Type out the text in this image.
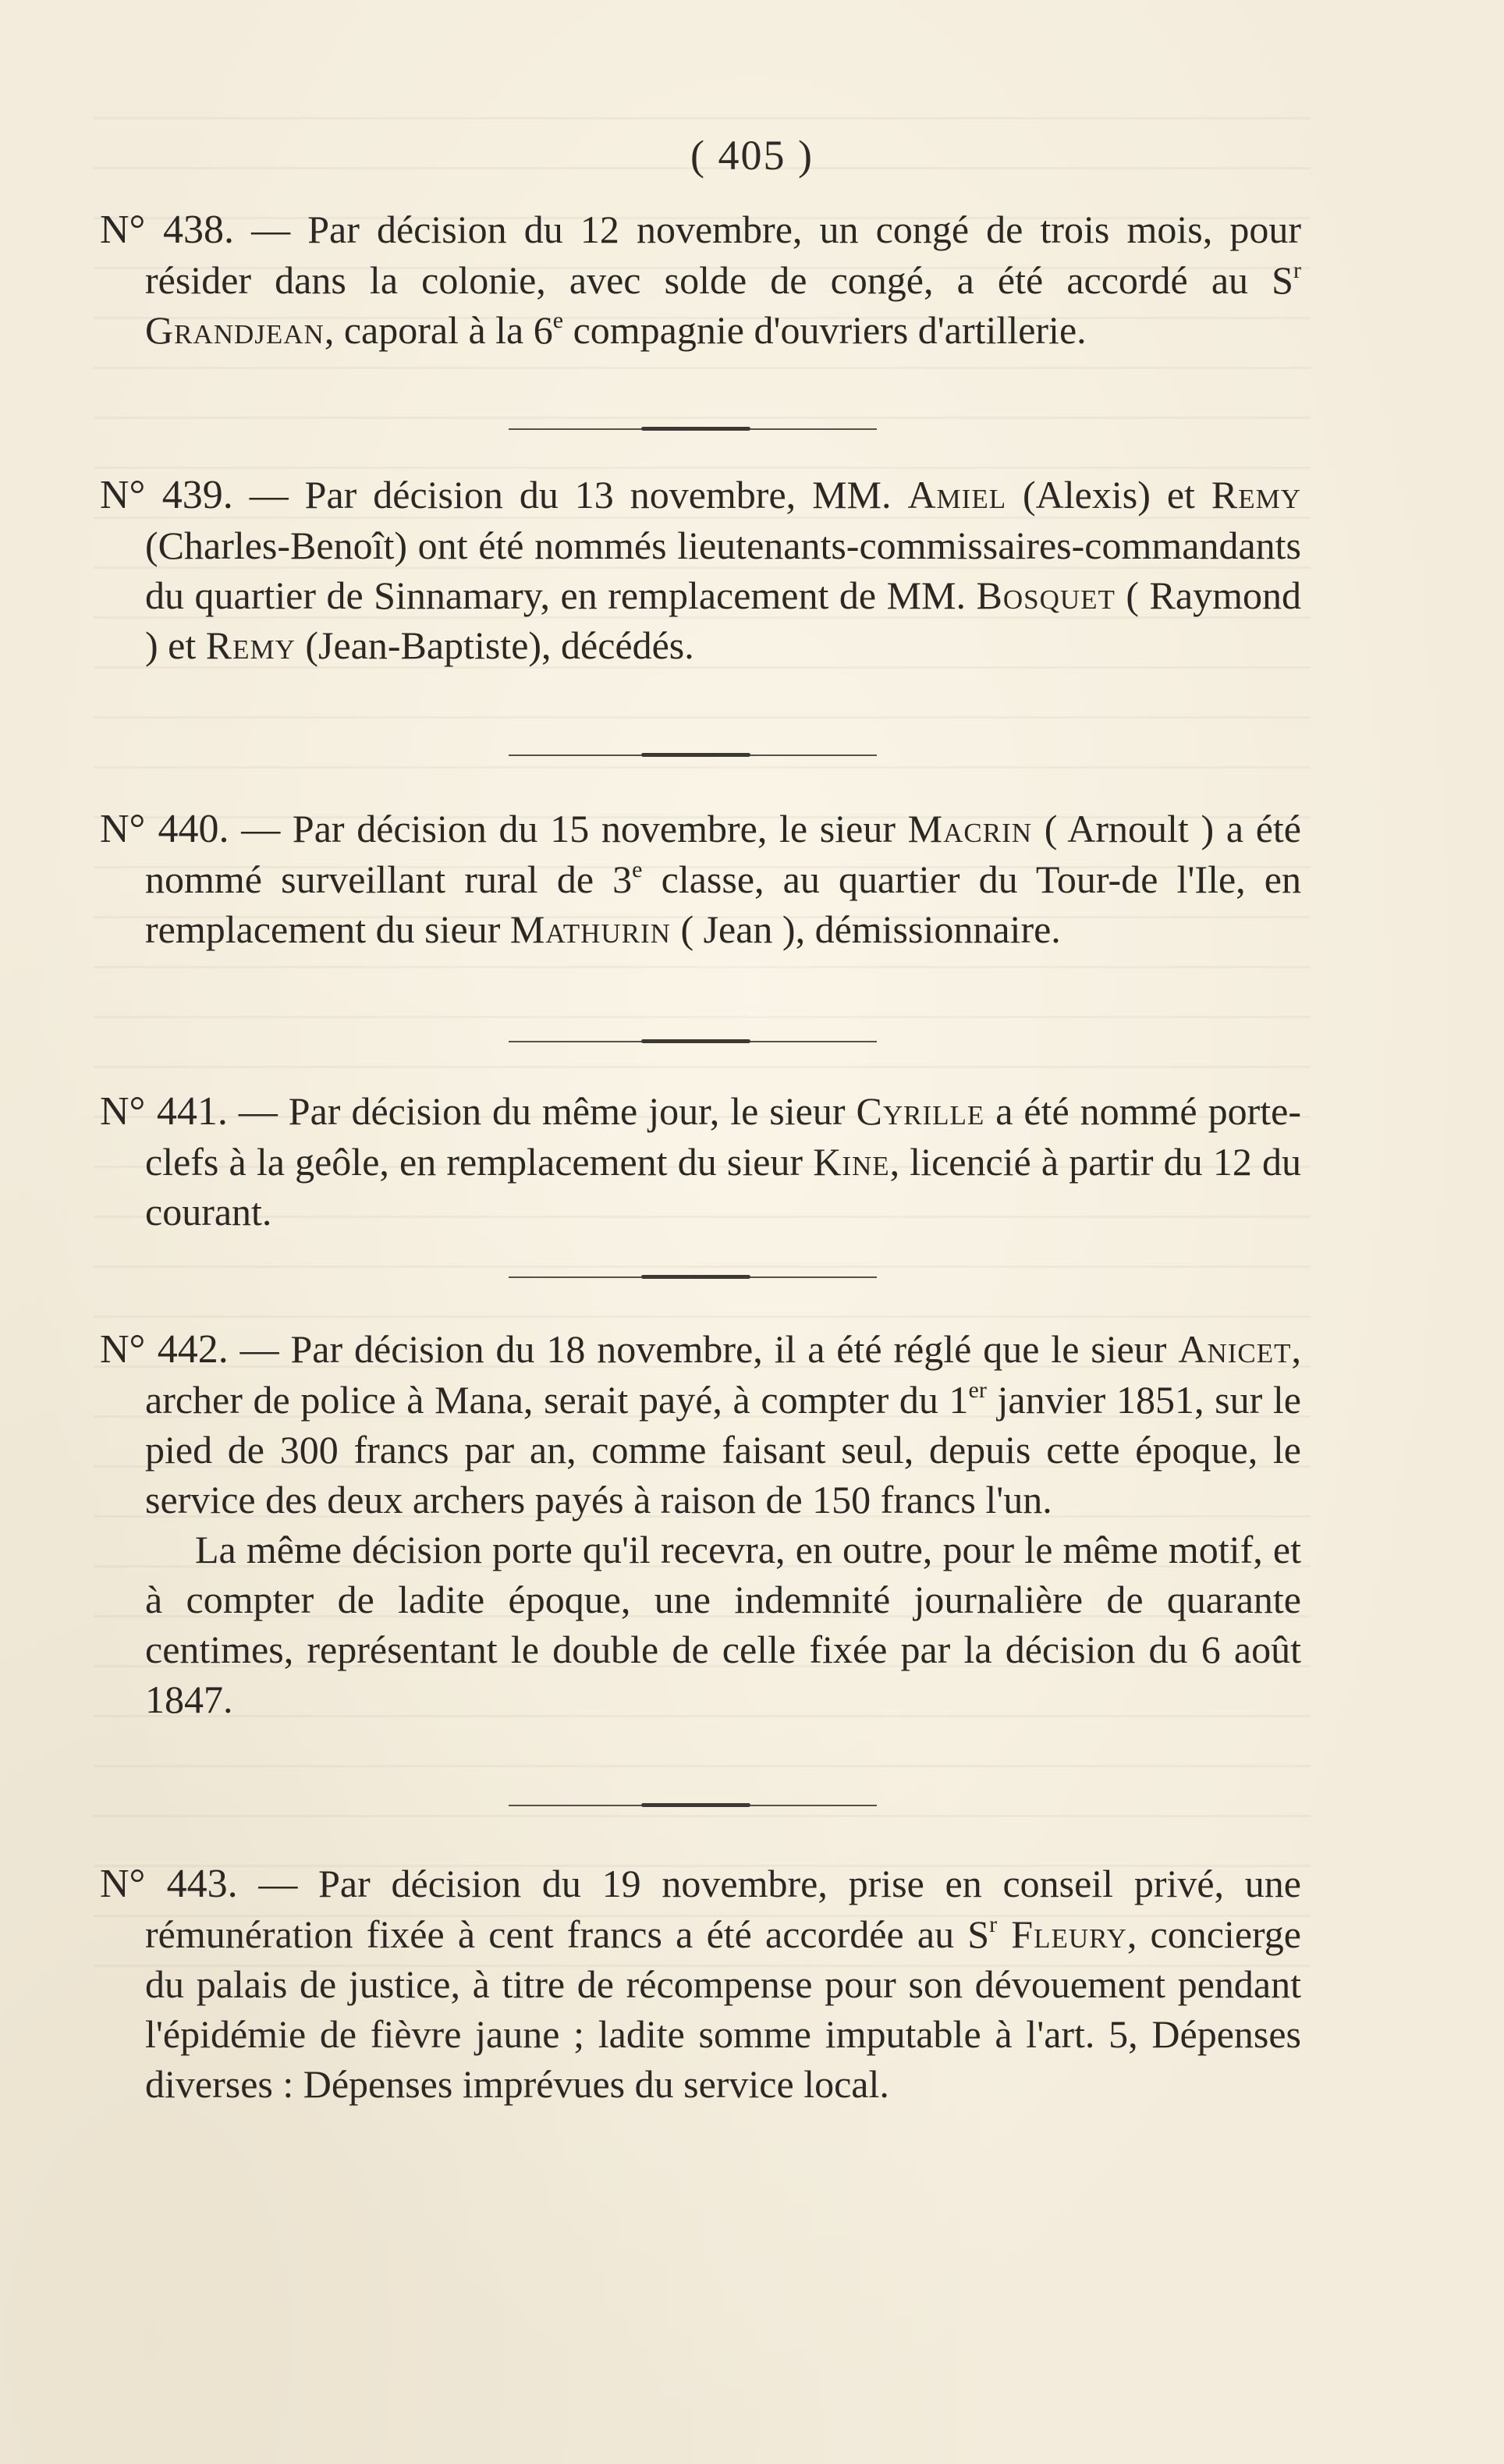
( 405 )

N° 438. — Par décision du 12 novembre, un congé de trois mois, pour résider dans la colonie, avec solde de congé, a été accordé au $S^r$ Grandjean, caporal à la 6e compagnie d'ouvriers d'artillerie.

N° 439. — Par décision du 13 novembre, MM. Amiel (Alexis) et Remy (Charles-Benoît) ont été nommés lieutenants-commissaires-commandants du quartier de Sinnamary, en remplacement de MM. Bosquet ( Raymond ) et Remy (Jean-Baptiste), décédés.

N° 440. — Par décision du 15 novembre, le sieur Macrin ( Arnoult ) a été nommé surveillant rural de 3e classe, au quartier du Tour-de l'Ile, en remplacement du sieur Mathurin ( Jean ), démissionnaire.

N° 441. — Par décision du même jour, le sieur Cyrille a été nommé porte-clefs à la geôle, en remplacement du sieur Kine, licencié à partir du 12 du courant.

N° 442. — Par décision du 18 novembre, il a été réglé que le sieur Anicet, archer de police à Mana, serait payé, à compter du 1er janvier 1851, sur le pied de 300 francs par an, comme faisant seul, depuis cette époque, le service des deux archers payés à raison de 150 francs l'un.

La même décision porte qu'il recevra, en outre, pour le même motif, et à compter de ladite époque, une indemnité journalière de quarante centimes, représentant le double de celle fixée par la décision du 6 août 1847.

N° 443. — Par décision du 19 novembre, prise en conseil privé, une rémunération fixée à cent francs a été accordée au $S^r$ Fleury, concierge du palais de justice, à titre de récompense pour son dévouement pendant l'épidémie de fièvre jaune ; ladite somme imputable à l'art. 5, Dépenses diverses : Dépenses imprévues du service local.
